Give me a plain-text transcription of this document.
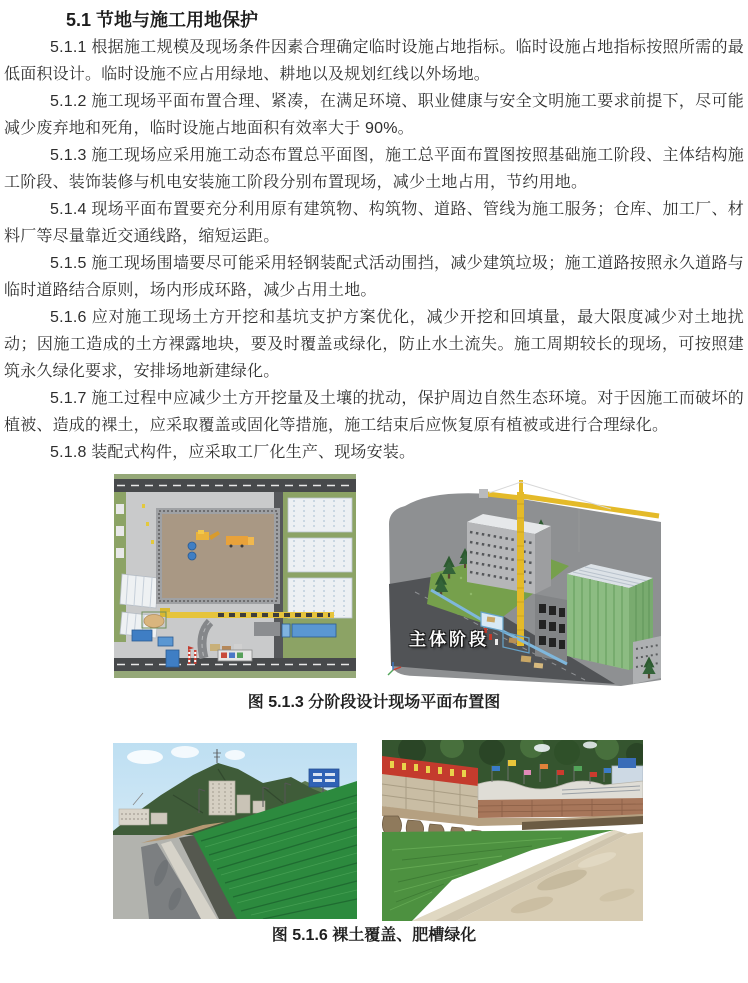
5.1 节地与施工用地保护

5.1.1 根据施工规模及现场条件因素合理确定临时设施占地指标。临时设施占地指标按照所需的最低面积设计。临时设施不应占用绿地、耕地以及规划红线以外场地。

5.1.2 施工现场平面布置合理、紧凑，在满足环境、职业健康与安全文明施工要求前提下，尽可能减少废弃地和死角，临时设施占地面积有效率大于 90%。

5.1.3 施工现场应采用施工动态布置总平面图，施工总平面布置图按照基础施工阶段、主体结构施工阶段、装饰装修与机电安装施工阶段分别布置现场，减少土地占用，节约用地。

5.1.4 现场平面布置要充分利用原有建筑物、构筑物、道路、管线为施工服务；仓库、加工厂、材料厂等尽量靠近交通线路，缩短运距。

5.1.5 施工现场围墙要尽可能采用轻钢装配式活动围挡，减少建筑垃圾；施工道路按照永久道路与临时道路结合原则，场内形成环路，减少占用土地。

5.1.6 应对施工现场土方开挖和基坑支护方案优化，减少开挖和回填量，最大限度减少对土地扰动；因施工造成的土方裸露地块，要及时覆盖或绿化，防止水土流失。施工周期较长的现场，可按照建筑永久绿化要求，安排场地新建绿化。

5.1.7 施工过程中应减少土方开挖量及土壤的扰动，保护周边自然生态环境。对于因施工而破坏的植被、造成的裸土，应采取覆盖或固化等措施，施工结束后应恢复原有植被或进行合理绿化。

5.1.8 装配式构件，应采取工厂化生产、现场安装。

主体阶段
图 5.1.3 分阶段设计现场平面布置图
图 5.1.6 裸土覆盖、肥槽绿化
